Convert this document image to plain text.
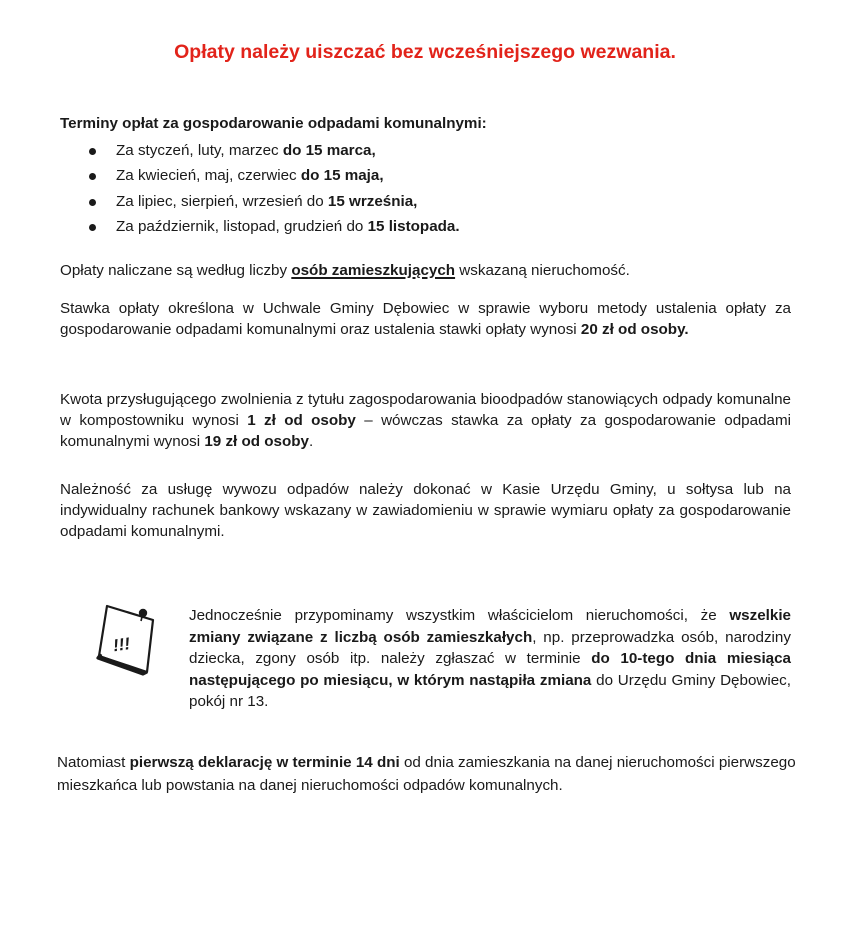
Opłaty należy uiszczać bez wcześniejszego wezwania.
Terminy opłat za gospodarowanie odpadami komunalnymi:
Za styczeń, luty, marzec do 15 marca,
Za kwiecień, maj, czerwiec do 15 maja,
Za lipiec, sierpień, wrzesień do 15 września,
Za październik, listopad, grudzień do 15 listopada.
Opłaty naliczane są według liczby osób zamieszkujących wskazaną nieruchomość.
Stawka opłaty określona w Uchwale Gminy Dębowiec w sprawie wyboru metody ustalenia opłaty za gospodarowanie odpadami komunalnymi oraz ustalenia stawki opłaty wynosi 20 zł od osoby.
Kwota przysługującego zwolnienia z tytułu zagospodarowania bioodpadów stanowiących odpady komunalne w kompostowniku wynosi 1 zł od osoby – wówczas stawka za opłaty za gospodarowanie odpadami komunalnymi wynosi 19 zł od osoby.
Należność za usługę wywozu odpadów należy dokonać w Kasie Urzędu Gminy, u sołtysa lub na indywidualny rachunek bankowy wskazany w zawiadomieniu w sprawie wymiaru opłaty za gospodarowanie odpadami komunalnymi.
!!!
Jednocześnie przypominamy wszystkim właścicielom nieruchomości, że wszelkie zmiany związane z liczbą osób zamieszkałych, np. przeprowadzka osób, narodziny dziecka, zgony osób itp. należy zgłaszać w terminie do 10-tego dnia miesiąca następującego po miesiącu, w którym nastąpiła zmiana do Urzędu Gminy Dębowiec, pokój nr 13.
Natomiast pierwszą deklarację w terminie 14 dni od dnia zamieszkania na danej nieruchomości pierwszego mieszkańca lub powstania na danej nieruchomości odpadów komunalnych.
